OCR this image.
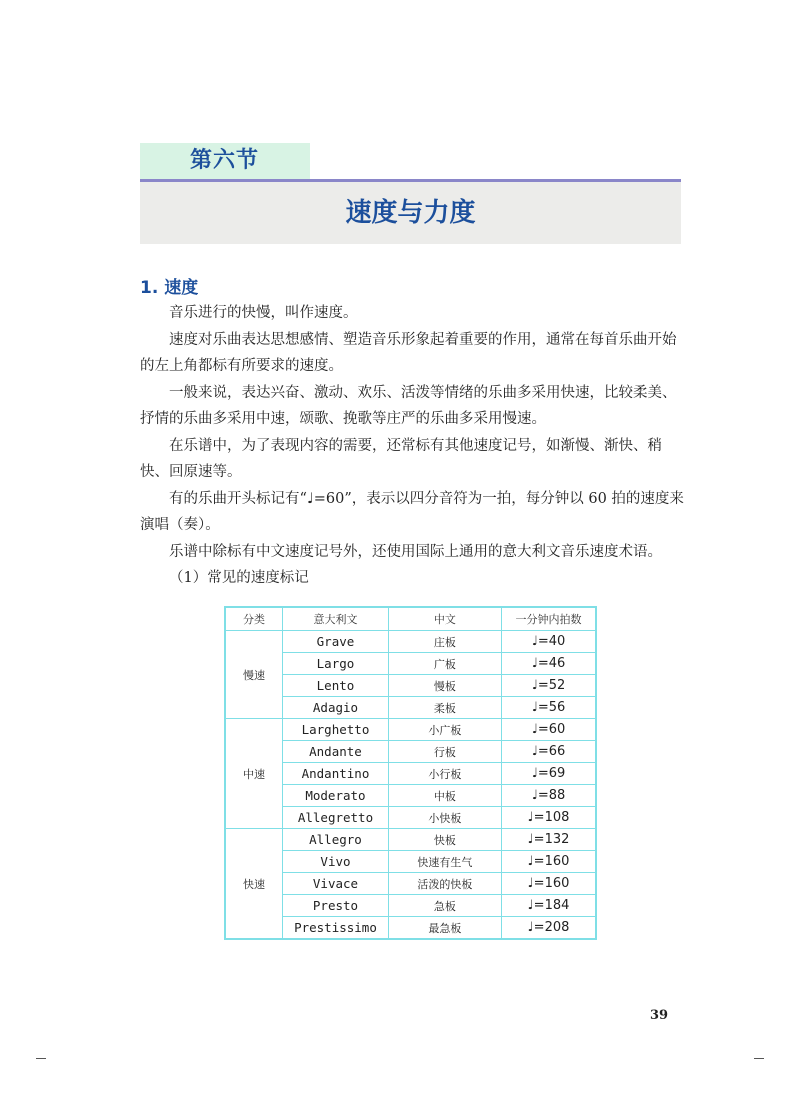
第六节
速度与力度
1. 速度

音乐进行的快慢，叫作速度。

速度对乐曲表达思想感情、塑造音乐形象起着重要的作用，通常在每首乐曲开始的左上角都标有所要求的速度。

一般来说，表达兴奋、激动、欢乐、活泼等情绪的乐曲多采用快速，比较柔美、抒情的乐曲多采用中速，颂歌、挽歌等庄严的乐曲多采用慢速。

在乐谱中，为了表现内容的需要，还常标有其他速度记号，如渐慢、渐快、稍快、回原速等。

有的乐曲开头标记有“♩=60”，表示以四分音符为一拍，每分钟以 60 拍的速度来演唱（奏）。

乐谱中除标有中文速度记号外，还使用国际上通用的意大利文音乐速度术语。

（1）常见的速度标记

分类	意大利文	中文	一分钟内拍数
慢速	Grave	庄板	♩=40
	Largo	广板	♩=46
	Lento	慢板	♩=52
	Adagio	柔板	♩=56
中速	Larghetto	小广板	♩=60
	Andante	行板	♩=66
	Andantino	小行板	♩=69
	Moderato	中板	♩=88
	Allegretto	小快板	♩=108
快速	Allegro	快板	♩=132
	Vivo	快速有生气	♩=160
	Vivace	活泼的快板	♩=160
	Presto	急板	♩=184
	Prestissimo	最急板	♩=208
39
